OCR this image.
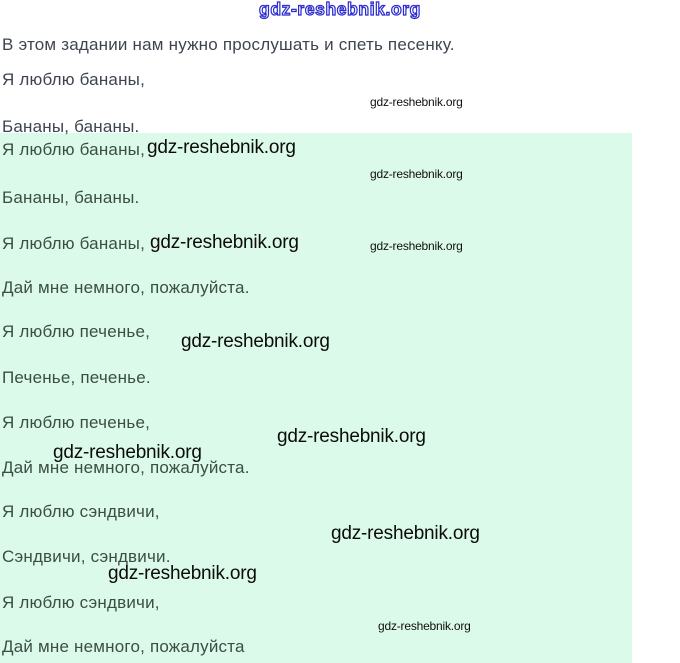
gdz-reshebnik.org
В этом задании нам нужно прослушать и спеть песенку.
Я люблю бананы,
gdz-reshebnik.org
Бананы, бананы.
Я люблю бананы, gdz-reshebnik.org
gdz-reshebnik.org
Бананы, бананы.
Я люблю бананы, gdz-reshebnik.org	gdz-reshebnik.org
Дай мне немного, пожалуйста.
Я люблю печенье, gdz-reshebnik.org
Печенье, печенье.
Я люблю печенье,
gdz-reshebnik.org
gdz-reshebnik.org
Дай мне немного, пожалуйста.
Я люблю сэндвичи,
gdz-reshebnik.org
Сэндвичи, сэндвичи.
gdz-reshebnik.org
Я люблю сэндвичи,
gdz-reshebnik.org
Дай мне немного, пожалуйста
